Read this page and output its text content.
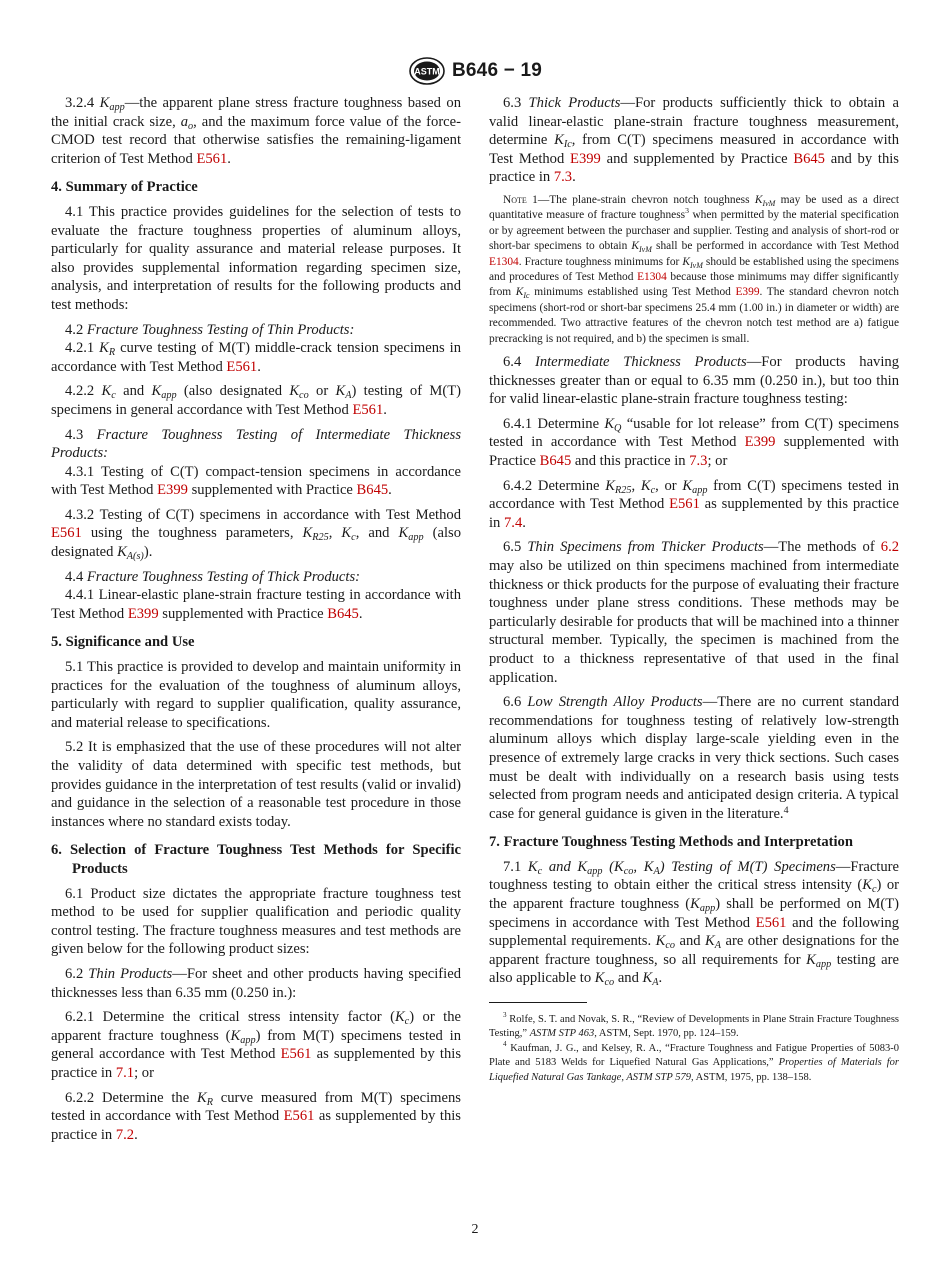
ASTM B646 − 19

3.2.4 $K_{app}—the$ apparent plane stress fracture toughness based on the initial crack size, $a_o$, and the maximum force value of the force-CMOD test record that otherwise satisfies the remaining-ligament criterion of Test Method E561.

4. Summary of Practice

4.1 This practice provides guidelines for the selection of tests to evaluate the fracture toughness properties of aluminum alloys, particularly for quality assurance and material release purposes. It also provides supplemental information regarding specimen size, analysis, and interpretation of results for the following products and test methods:

4.2 Fracture Toughness Testing of Thin Products:

4.2.1 $K_R$ curve testing of M(T) middle-crack tension specimens in accordance with Test Method E561.

4.2.2 $K_c$ and $K_{app}$ (also designated $K_{co}$ or $K_A$) testing of M(T) specimens in general accordance with Test Method E561.

4.3 Fracture Toughness Testing of Intermediate Thickness Products:

4.3.1 Testing of C(T) compact-tension specimens in accordance with Test Method E399 supplemented with Practice B645.

4.3.2 Testing of C(T) specimens in accordance with Test Method E561 using the toughness parameters, $K_{R25}$, $K_c$, and $K_{app}$ (also designated $K_{A(s)}$).

4.4 Fracture Toughness Testing of Thick Products:

4.4.1 Linear-elastic plane-strain fracture testing in accordance with Test Method E399 supplemented with Practice B645.

5. Significance and Use

5.1 This practice is provided to develop and maintain uniformity in practices for the evaluation of the toughness of aluminum alloys, particularly with regard to supplier qualification, quality assurance, and material release to specifications.

5.2 It is emphasized that the use of these procedures will not alter the validity of data determined with specific test methods, but provides guidance in the interpretation of test results (valid or invalid) and guidance in the selection of a reasonable test procedure in those instances where no standard exists today.

6. Selection of Fracture Toughness Test Methods for Specific Products

6.1 Product size dictates the appropriate fracture toughness test method to be used for supplier qualification and periodic quality control testing. The fracture toughness measures and test methods are given below for the following product sizes:

6.2 Thin Products—For sheet and other products having specified thicknesses less than 6.35 mm (0.250 in.):

6.2.1 Determine the critical stress intensity factor $(K_c)$ or the apparent fracture toughness $(K_{app})$ from M(T) specimens tested in general accordance with Test Method E561 as supplemented by this practice in 7.1; or

6.2.2 Determine the $K_R$ curve measured from M(T) specimens tested in accordance with Test Method E561 as supplemented by this practice in 7.2.

6.3 Thick Products—For products sufficiently thick to obtain a valid linear-elastic plane-strain fracture toughness measurement, determine $K_{Ic}$, from C(T) specimens measured in accordance with Test Method E399 and supplemented by Practice B645 and by this practice in 7.3.

Note 1—The plane-strain chevron notch toughness $K_{IvM}$ may be used as a direct quantitative measure of fracture toughness$^3$ when permitted by the material specification or by agreement between the purchaser and supplier. Testing and analysis of short-rod or short-bar specimens to obtain $K_{IvM}$ shall be performed in accordance with Test Method E1304. Fracture toughness minimums for $K_{IvM}$ should be established using the specimens and procedures of Test Method E1304 because those minimums may differ significantly from $K_{Ic}$ minimums established using Test Method E399. The standard chevron notch specimens (short-rod or short-bar specimens 25.4 mm (1.00 in.) in diameter or width) are recommended. Two attractive features of the chevron notch test method are a) fatigue precracking is not required, and b) the specimen is small.

6.4 Intermediate Thickness Products—For products having thicknesses greater than or equal to 6.35 mm (0.250 in.), but too thin for valid linear-elastic plane-strain fracture toughness testing:

6.4.1 Determine $K_Q$ “usable for lot release” from C(T) specimens tested in accordance with Test Method E399 supplemented with Practice B645 and this practice in 7.3; or

6.4.2 Determine $K_{R25}$, $K_c$, or $K_{app}$ from C(T) specimens tested in accordance with Test Method E561 as supplemented by this practice in 7.4.

6.5 Thin Specimens from Thicker Products—The methods of 6.2 may also be utilized on thin specimens machined from intermediate thickness or thick products for the purpose of evaluating their fracture toughness under plane stress conditions. These methods may be particularly desirable for products that will be machined into a thinner structural member. Typically, the specimen is machined from the product to a thickness representative of that used in the final application.

6.6 Low Strength Alloy Products—There are no current standard recommendations for toughness testing of relatively low-strength aluminum alloys which display large-scale yielding even in the presence of extremely large cracks in very thick sections. Such cases must be dealt with individually on a research basis using tests selected from program needs and anticipated design criteria. A typical case for general guidance is given in the literature.$^4$

7. Fracture Toughness Testing Methods and Interpretation

7.1 $K_c$ and $K_{app}$ ($K_{co}$, $K_A$) Testing of M(T) Specimens—Fracture toughness testing to obtain either the critical stress intensity $(K_c)$ or the apparent fracture toughness $(K_{app})$ shall be performed on M(T) specimens in accordance with Test Method E561 and the following supplemental requirements. $K_{co}$ and $K_A$ are other designations for the apparent fracture toughness, so all requirements for $K_{app}$ testing are also applicable to $K_{co}$ and $K_A$.

$^3$ Rolfe, S. T. and Novak, S. R., “Review of Developments in Plane Strain Fracture Toughness Testing,” ASTM STP 463, ASTM, Sept. 1970, pp. 124–159.

$^4$ Kaufman, J. G., and Kelsey, R. A., “Fracture Toughness and Fatigue Properties of 5083-0 Plate and 5183 Welds for Liquefied Natural Gas Applications,” Properties of Materials for Liquefied Natural Gas Tankage, ASTM STP 579, ASTM, 1975, pp. 138–158.

2
